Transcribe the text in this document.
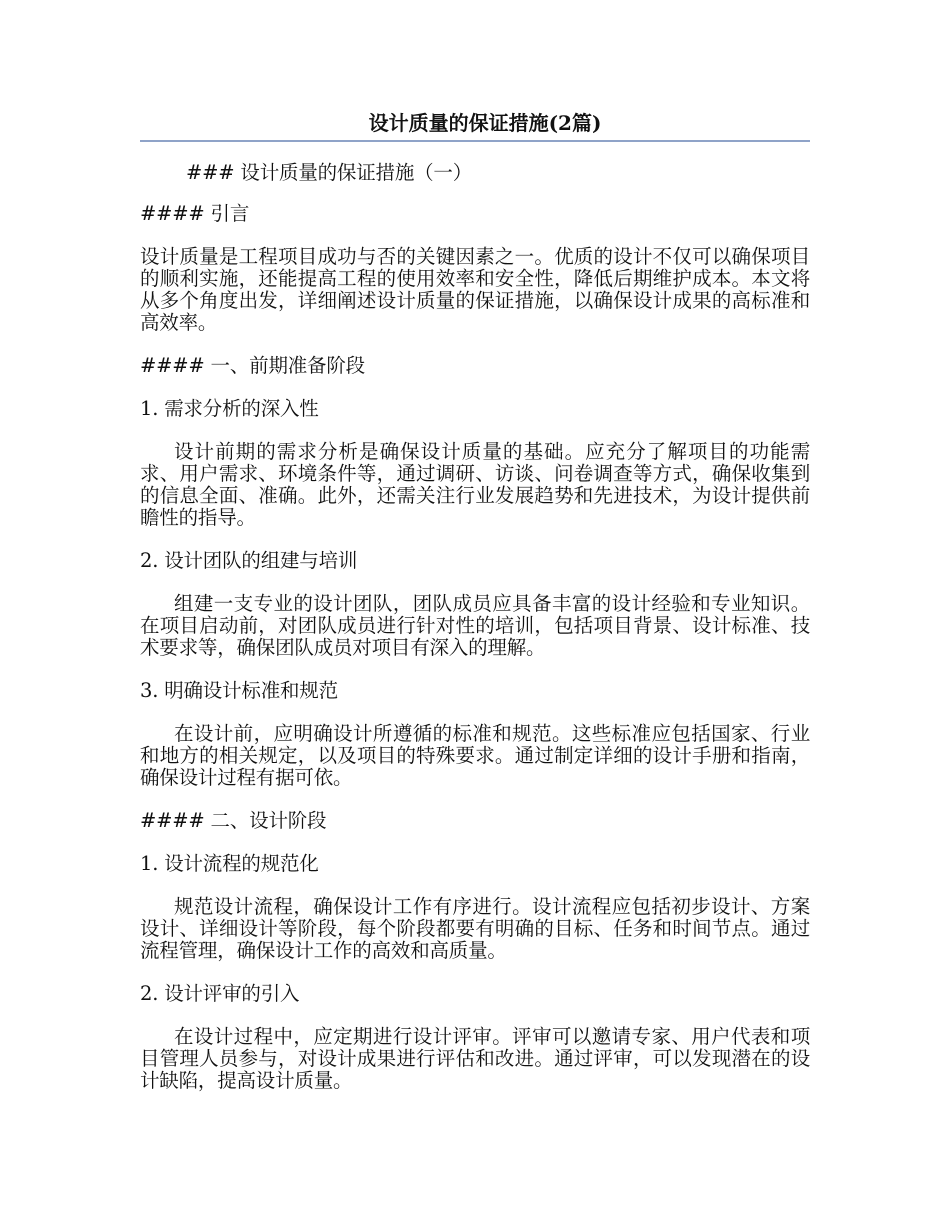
设计质量的保证措施(2篇)

### 设计质量的保证措施（一）

#### 引言

设计质量是工程项目成功与否的关键因素之一。优质的设计不仅可以确保项目的顺利实施，还能提高工程的使用效率和安全性，降低后期维护成本。本文将从多个角度出发，详细阐述设计质量的保证措施，以确保设计成果的高标准和高效率。

#### 一、前期准备阶段

1. 需求分析的深入性

设计前期的需求分析是确保设计质量的基础。应充分了解项目的功能需求、用户需求、环境条件等，通过调研、访谈、问卷调查等方式，确保收集到的信息全面、准确。此外，还需关注行业发展趋势和先进技术，为设计提供前瞻性的指导。

2. 设计团队的组建与培训

组建一支专业的设计团队，团队成员应具备丰富的设计经验和专业知识。在项目启动前，对团队成员进行针对性的培训，包括项目背景、设计标准、技术要求等，确保团队成员对项目有深入的理解。

3. 明确设计标准和规范

在设计前，应明确设计所遵循的标准和规范。这些标准应包括国家、行业和地方的相关规定，以及项目的特殊要求。通过制定详细的设计手册和指南，确保设计过程有据可依。

#### 二、设计阶段

1. 设计流程的规范化

规范设计流程，确保设计工作有序进行。设计流程应包括初步设计、方案设计、详细设计等阶段，每个阶段都要有明确的目标、任务和时间节点。通过流程管理，确保设计工作的高效和高质量。

2. 设计评审的引入

在设计过程中，应定期进行设计评审。评审可以邀请专家、用户代表和项目管理人员参与，对设计成果进行评估和改进。通过评审，可以发现潜在的设计缺陷，提高设计质量。
